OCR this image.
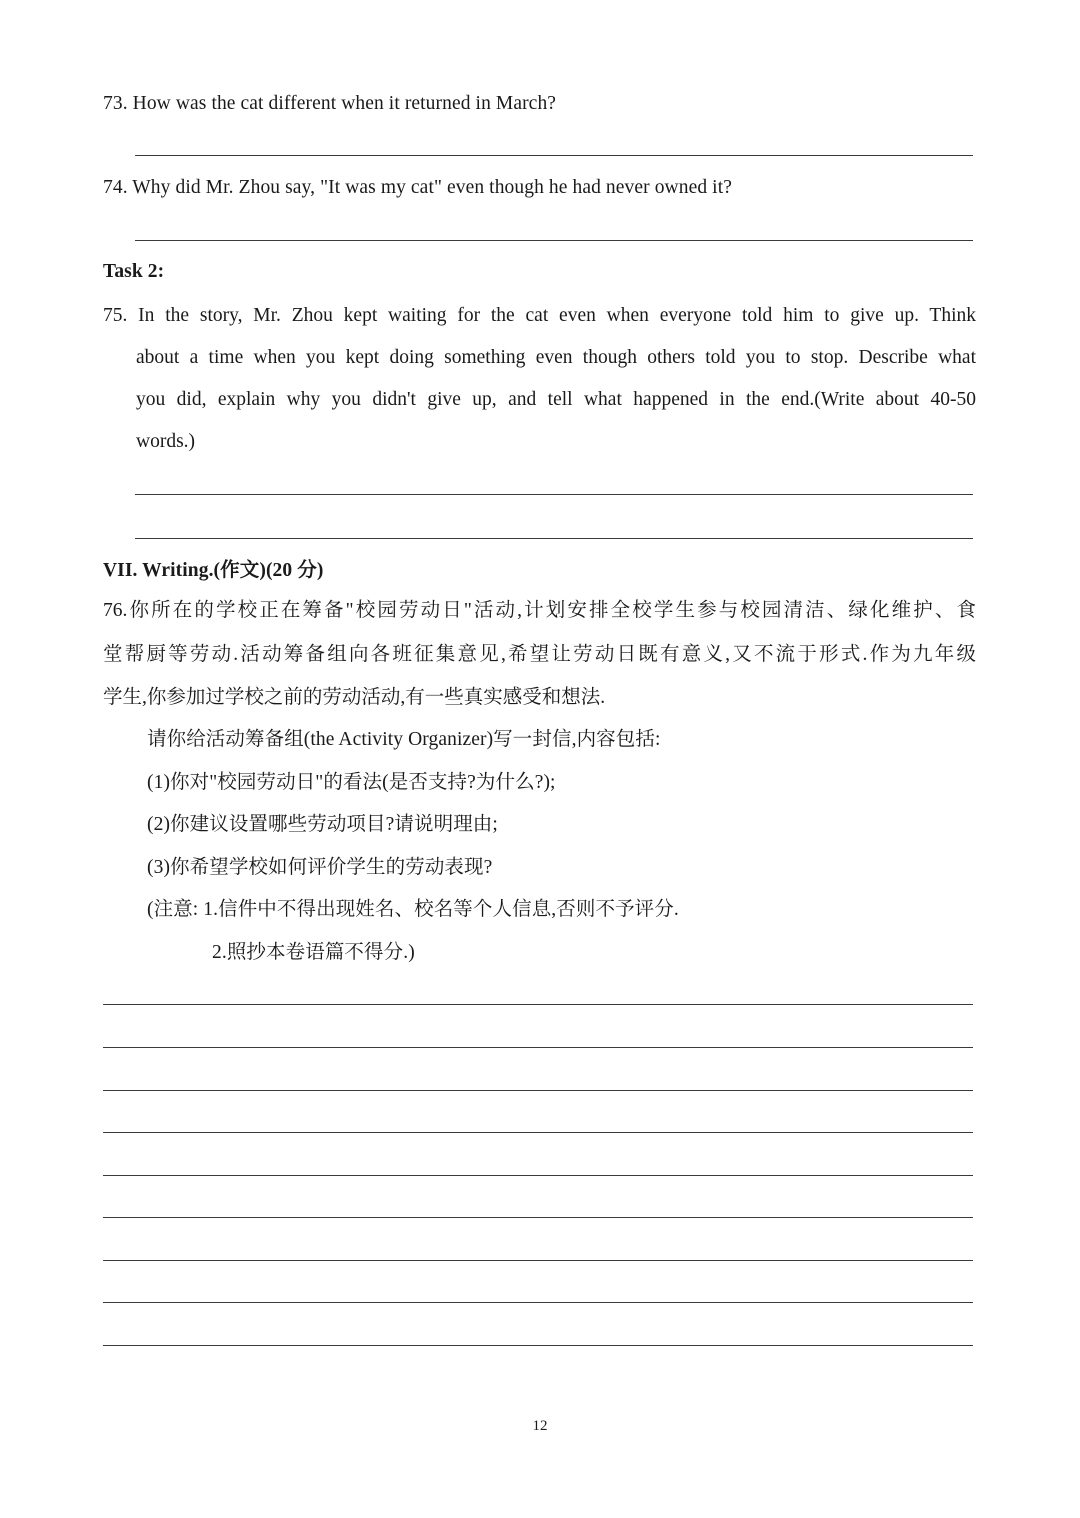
73. How was the cat different when it returned in March?
74. Why did Mr. Zhou say, "It was my cat" even though he had never owned it?
Task 2:
75. In the story, Mr. Zhou kept waiting for the cat even when everyone told him to give up. Think
about a time when you kept doing something even though others told you to stop. Describe what
you did, explain why you didn't give up, and tell what happened in the end.(Write about 40-50
words.)
VII. Writing.(作文)(20 分)
76.你所在的学校正在筹备"校园劳动日"活动,计划安排全校学生参与校园清洁、绿化维护、食
堂帮厨等劳动.活动筹备组向各班征集意见,希望让劳动日既有意义,又不流于形式.作为九年级
学生,你参加过学校之前的劳动活动,有一些真实感受和想法.
请你给活动筹备组(the Activity Organizer)写一封信,内容包括:
(1)你对"校园劳动日"的看法(是否支持?为什么?);
(2)你建议设置哪些劳动项目?请说明理由;
(3)你希望学校如何评价学生的劳动表现?
(注意: 1.信件中不得出现姓名、校名等个人信息,否则不予评分.
2.照抄本卷语篇不得分.)
12
